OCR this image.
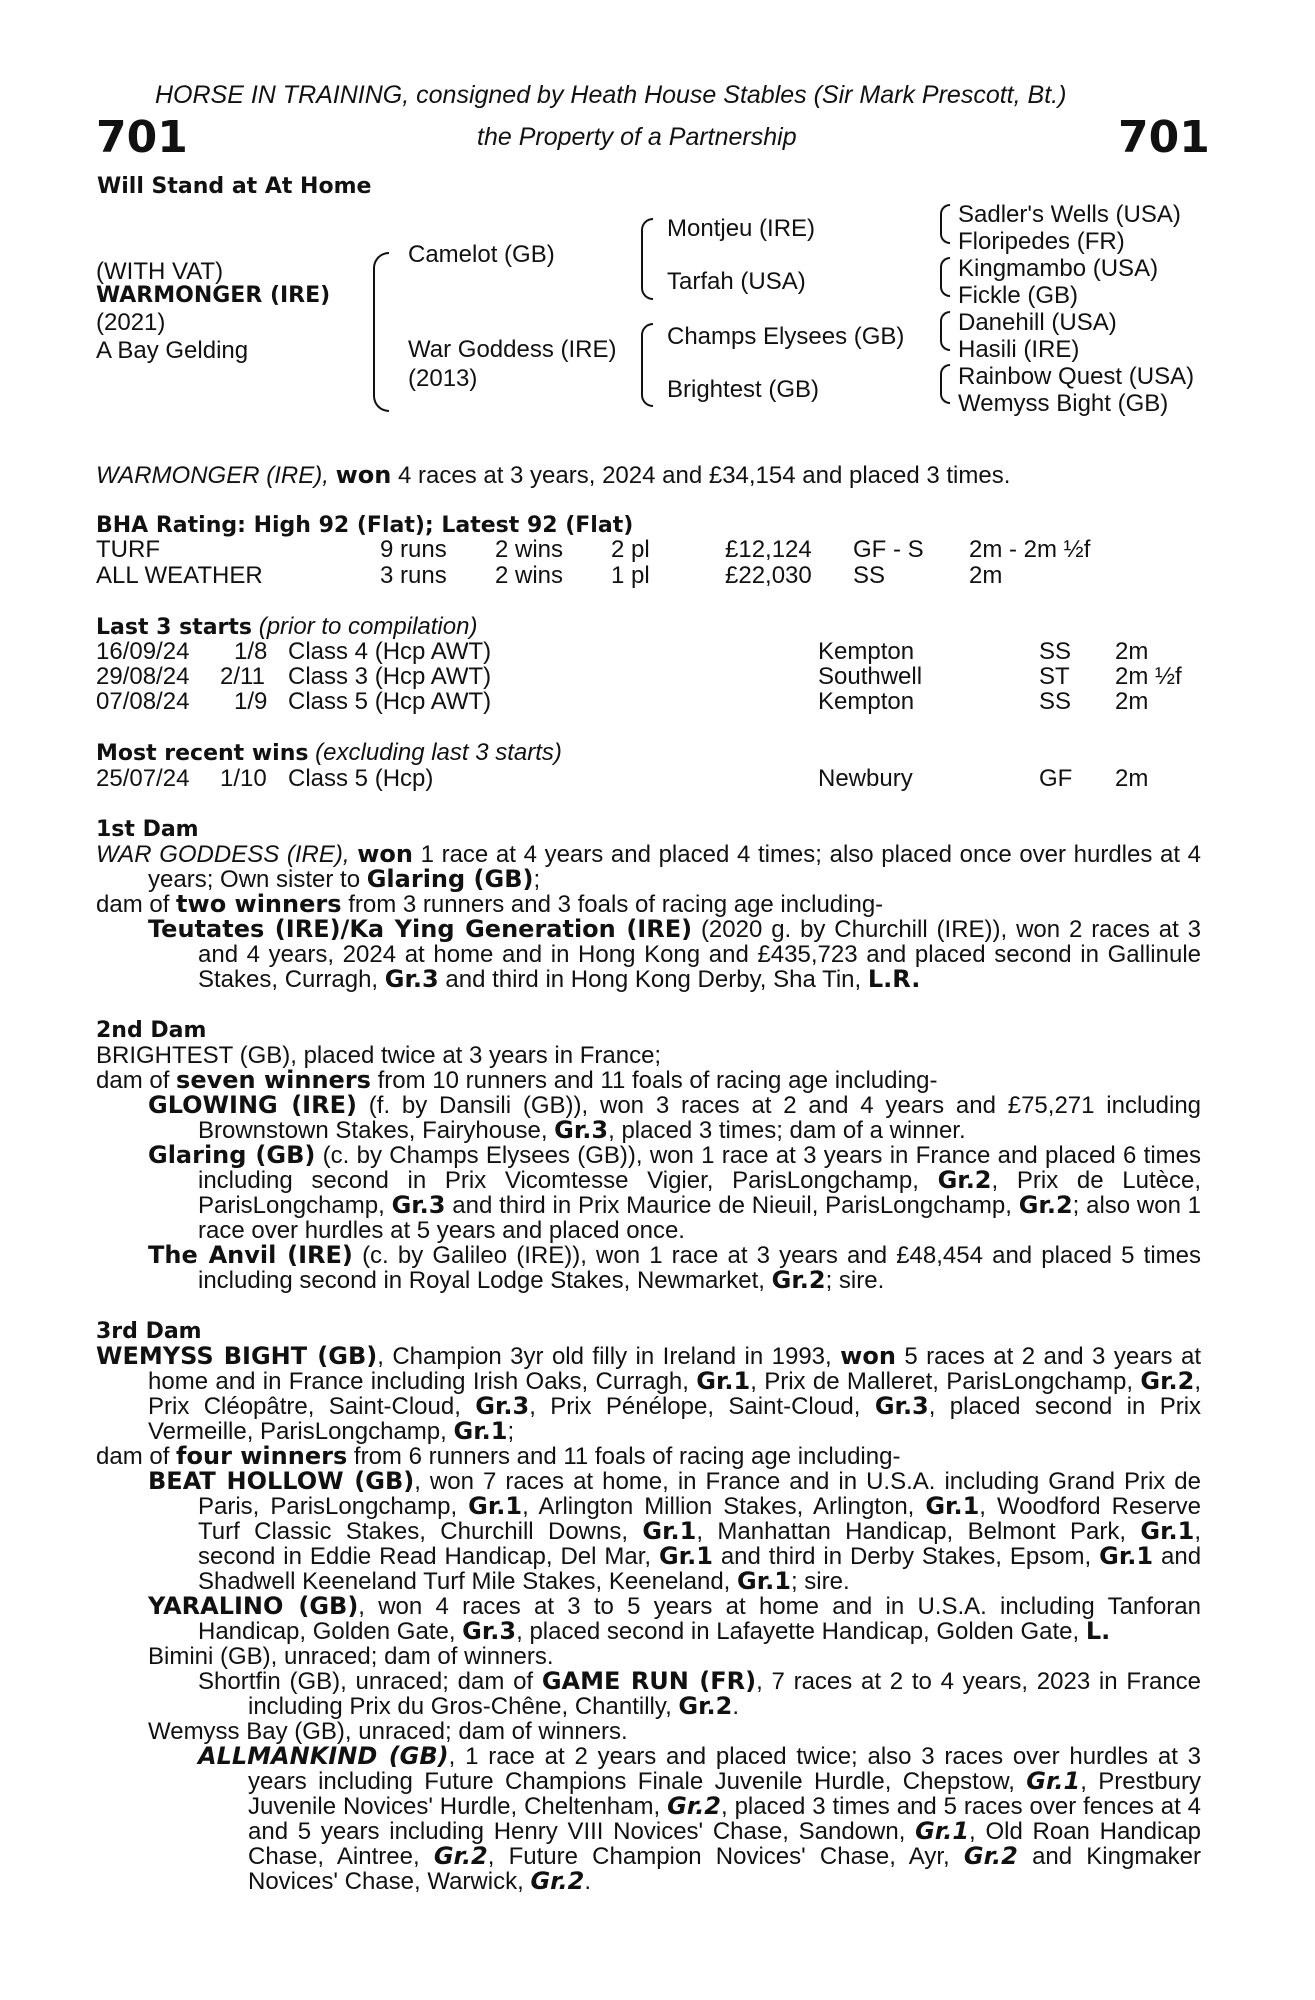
HORSE IN TRAINING, consigned by Heath House Stables (Sir Mark Prescott, Bt.)
701	the Property of a Partnership	701
Will Stand at At Home
(WITH VAT)
WARMONGER (IRE)
(2021)
A Bay Gelding
Camelot (GB)
War Goddess (IRE)
(2013)
Montjeu (IRE)
Tarfah (USA)
Champs Elysees (GB)
Brightest (GB)
Sadler's Wells (USA)
Floripedes (FR)
Kingmambo (USA)
Fickle (GB)
Danehill (USA)
Hasili (IRE)
Rainbow Quest (USA)
Wemyss Bight (GB)
WARMONGER (IRE), won 4 races at 3 years, 2024 and £34,154 and placed 3 times.
BHA Rating: High 92 (Flat); Latest 92 (Flat)
TURF	9 runs 2 wins 2 pl	£12,124 GF - S 2m - 2m ½f
ALL WEATHER	3 runs 2 wins 1 pl	£22,030 SS	2m
Last 3 starts (prior to compilation)
16/09/24 1/8 Class 4 (Hcp AWT)	Kempton	SS 2m
29/08/24 2/11 Class 3 (Hcp AWT)	Southwell	ST 2m ½f
07/08/24 1/9 Class 5 (Hcp AWT)	Kempton	SS 2m
Most recent wins (excluding last 3 starts)
25/07/24 1/10 Class 5 (Hcp)	Newbury	GF 2m
1st Dam
WAR GODDESS (IRE), won 1 race at 4 years and placed 4 times; also placed once over hurdles at 4 years; Own sister to Glaring (GB);
dam of two winners from 3 runners and 3 foals of racing age including-
Teutates (IRE)/Ka Ying Generation (IRE) (2020 g. by Churchill (IRE)), won 2 races at 3 and 4 years, 2024 at home and in Hong Kong and £435,723 and placed second in Gallinule Stakes, Curragh, Gr.3 and third in Hong Kong Derby, Sha Tin, L.R.
2nd Dam
BRIGHTEST (GB), placed twice at 3 years in France;
dam of seven winners from 10 runners and 11 foals of racing age including-
GLOWING (IRE) (f. by Dansili (GB)), won 3 races at 2 and 4 years and £75,271 including Brownstown Stakes, Fairyhouse, Gr.3, placed 3 times; dam of a winner.
Glaring (GB) (c. by Champs Elysees (GB)), won 1 race at 3 years in France and placed 6 times including second in Prix Vicomtesse Vigier, ParisLongchamp, Gr.2, Prix de Lutèce, ParisLongchamp, Gr.3 and third in Prix Maurice de Nieuil, ParisLongchamp, Gr.2; also won 1 race over hurdles at 5 years and placed once.
The Anvil (IRE) (c. by Galileo (IRE)), won 1 race at 3 years and £48,454 and placed 5 times including second in Royal Lodge Stakes, Newmarket, Gr.2; sire.
3rd Dam
WEMYSS BIGHT (GB), Champion 3yr old filly in Ireland in 1993, won 5 races at 2 and 3 years at home and in France including Irish Oaks, Curragh, Gr.1, Prix de Malleret, ParisLongchamp, Gr.2, Prix Cléopâtre, Saint-Cloud, Gr.3, Prix Pénélope, Saint-Cloud, Gr.3, placed second in Prix Vermeille, ParisLongchamp, Gr.1;
dam of four winners from 6 runners and 11 foals of racing age including-
BEAT HOLLOW (GB), won 7 races at home, in France and in U.S.A. including Grand Prix de Paris, ParisLongchamp, Gr.1, Arlington Million Stakes, Arlington, Gr.1, Woodford Reserve Turf Classic Stakes, Churchill Downs, Gr.1, Manhattan Handicap, Belmont Park, Gr.1, second in Eddie Read Handicap, Del Mar, Gr.1 and third in Derby Stakes, Epsom, Gr.1 and Shadwell Keeneland Turf Mile Stakes, Keeneland, Gr.1; sire.
YARALINO (GB), won 4 races at 3 to 5 years at home and in U.S.A. including Tanforan Handicap, Golden Gate, Gr.3, placed second in Lafayette Handicap, Golden Gate, L.
Bimini (GB), unraced; dam of winners.
Shortfin (GB), unraced; dam of GAME RUN (FR), 7 races at 2 to 4 years, 2023 in France including Prix du Gros-Chêne, Chantilly, Gr.2.
Wemyss Bay (GB), unraced; dam of winners.
ALLMANKIND (GB), 1 race at 2 years and placed twice; also 3 races over hurdles at 3 years including Future Champions Finale Juvenile Hurdle, Chepstow, Gr.1, Prestbury Juvenile Novices' Hurdle, Cheltenham, Gr.2, placed 3 times and 5 races over fences at 4 and 5 years including Henry VIII Novices' Chase, Sandown, Gr.1, Old Roan Handicap Chase, Aintree, Gr.2, Future Champion Novices' Chase, Ayr, Gr.2 and Kingmaker Novices' Chase, Warwick, Gr.2.
